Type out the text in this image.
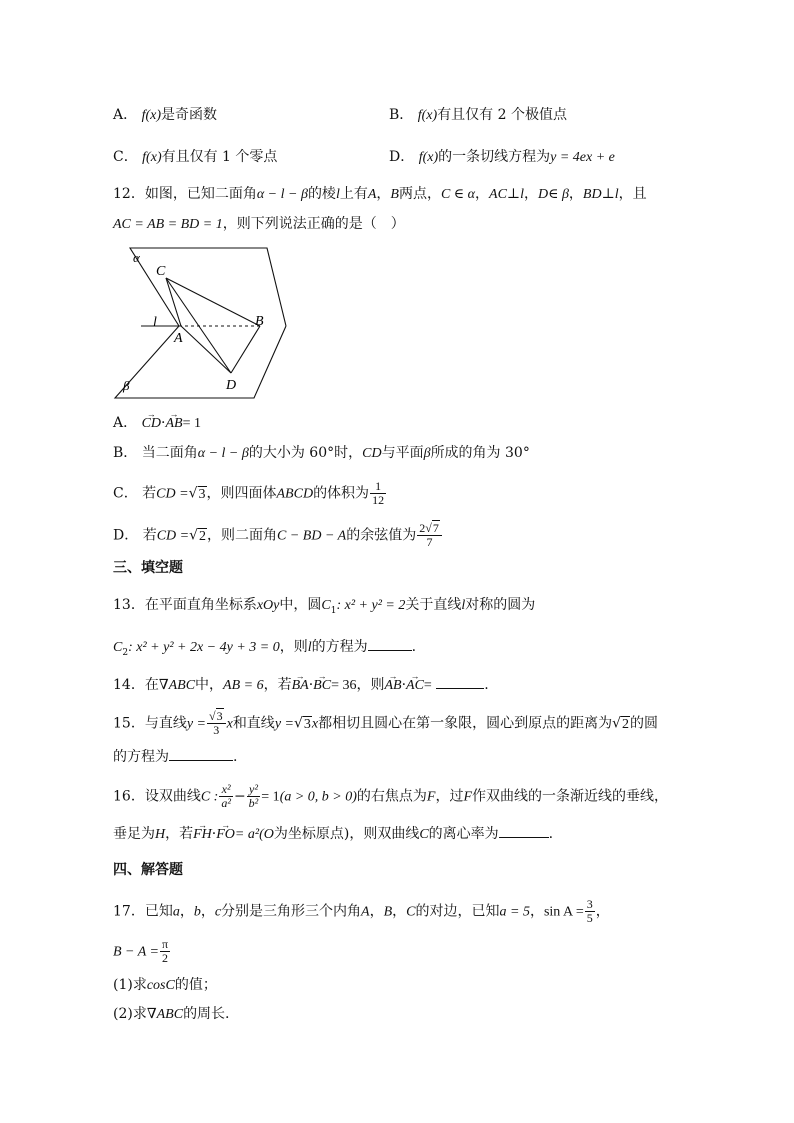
A． f(x)是奇函数	B． f(x)有且仅有 2 个极值点
C． f(x)有且仅有 1 个零点	D． f(x)的一条切线方程为y = 4ex + e
12．如图，已知二面角α − l − β的棱l上有A，B两点，C ∈ α，AC⊥l，D∈ β，BD⊥l，且
AC = AB = BD = 1，则下列说法正确的是（　）
α
C
l
A
B
D
β
A． → CD·→ AB= 1
B． 当二面角α − l − β的大小为 60°时，CD与平面β所成的角为 30°
C． 若CD =√3，则四面体ABCD的体积为 $\frac{1}{12}$
D． 若CD =√2，则二面角C − BD − A的余弦值为 $\frac{2√7}{7}$
三、填空题
13．在平面直角坐标系xOy中，圆$C_1$: x² + y² = 2关于直线l对称的圆为
$C_2$: x² + y² + 2x − 4y + 3 = 0，则l的方程为	.
14．在∇ABC中，AB = 6，若→ BA·→ BC= 36，则→ AB·→ AC=	.
15．与直线$y = \frac{√3}{3}$ x和直线y =√3x都相切且圆心在第一象限，圆心到原点的距离为√2的圆
的方程为	.
16．设双曲线C : $\frac{\text{x²}}{\text{a²}} - \frac{\text{y²}}{\text{b²}} = 1(a > 0$, b > 0)的右焦点为F，过F作双曲线的一条渐近线的垂线，
垂足为H，若→ FH·→ FO= a²(O为坐标原点)，则双曲线C的离心率为	.
四、解答题
17．已知a，b，c分别是三角形三个内角A，B，C的对边，已知a = 5，$\sin A = \frac{3}{5}$ ，
$B - A = \frac{\pi}{2}$
(1)求cosC的值；
(2)求∇ABC的周长.
